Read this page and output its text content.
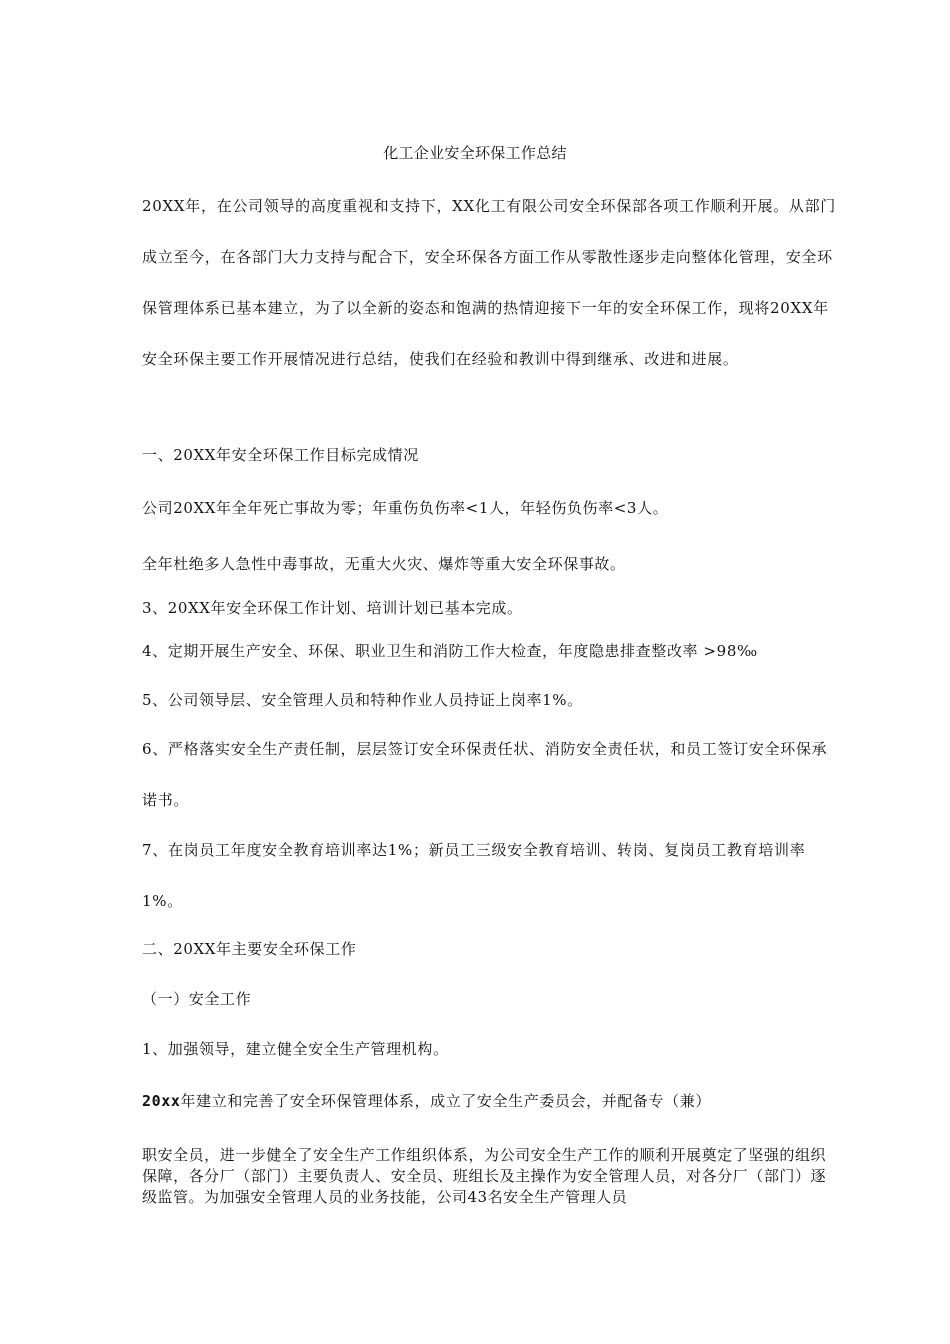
化工企业安全环保工作总结
20XX年，在公司领导的高度重视和支持下，XX化工有限公司安全环保部各项工作顺利开展。从部门成立至今，在各部门大力支持与配合下，安全环保各方面工作从零散性逐步走向整体化管理，安全环保管理体系已基本建立，为了以全新的姿态和饱满的热情迎接下一年的安全环保工作，现将20XX年安全环保主要工作开展情况进行总结，使我们在经验和教训中得到继承、改进和进展。
一、20XX年安全环保工作目标完成情况
公司20XX年全年死亡事故为零；年重伤负伤率<1人，年轻伤负伤率<3人。
全年杜绝多人急性中毒事故，无重大火灾、爆炸等重大安全环保事故。
3、20XX年安全环保工作计划、培训计划已基本完成。
4、定期开展生产安全、环保、职业卫生和消防工作大检查，年度隐患排查整改率 >98‰
5、公司领导层、安全管理人员和特种作业人员持证上岗率1%。
6、严格落实安全生产责任制，层层签订安全环保责任状、消防安全责任状，和员工签订安全环保承诺书。
7、在岗员工年度安全教育培训率达1%；新员工三级安全教育培训、转岗、复岗员工教育培训率1%。
二、20XX年主要安全环保工作
（一）安全工作
1、加强领导，建立健全安全生产管理机构。
20xx年建立和完善了安全环保管理体系，成立了安全生产委员会，并配备专（兼）
职安全员，进一步健全了安全生产工作组织体系，为公司安全生产工作的顺利开展奠定了坚强的组织保障，各分厂（部门）主要负责人、安全员、班组长及主操作为安全管理人员，对各分厂（部门）逐级监管。为加强安全管理人员的业务技能，公司43名安全生产管理人员
